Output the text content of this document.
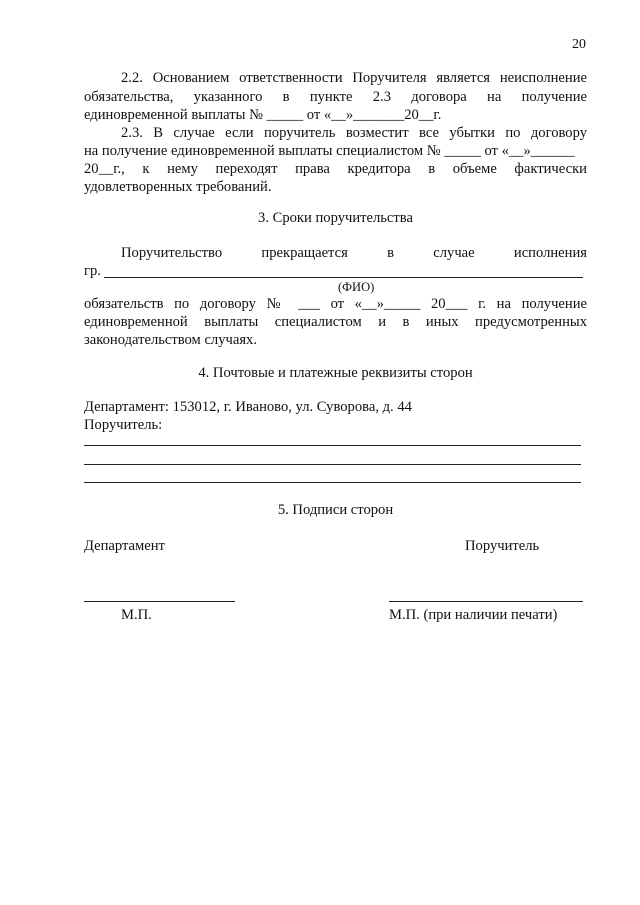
20
2.2. Основанием ответственности Поручителя является неисполнение
обязательства, указанного в пункте 2.3 договора на получение
единовременной выплаты № _____ от «__»_______20__г.
2.3. В случае если поручитель возместит все убытки по договору
на получение единовременной выплаты специалистом № _____ от «__»______
20__г., к нему переходят права кредитора в объеме фактически
удовлетворенных требований.
3. Сроки поручительства
Поручительство прекращается в случае исполнения
гр.
(ФИО)
обязательств по договору № ___ от «__»_____ 20___ г. на получение
единовременной выплаты специалистом и в иных предусмотренных
законодательством случаях.
4. Почтовые и платежные реквизиты сторон
Департамент: 153012, г. Иваново, ул. Суворова, д. 44
Поручитель:
5. Подписи сторон
Департамент	Поручитель
М.П.	М.П. (при наличии печати)
